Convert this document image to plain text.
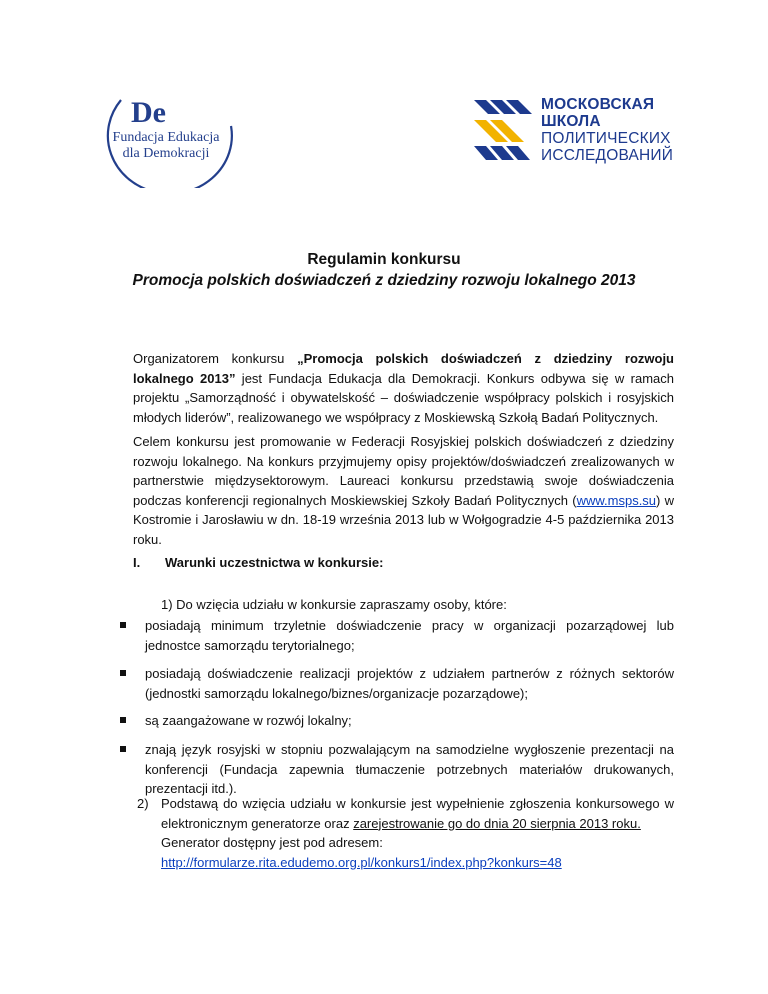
De
Fundacja Edukacja
dla Demokracji
МОСКОВСКАЯ
ШКОЛА
ПОЛИТИЧЕСКИХ
ИССЛЕДОВАНИЙ
Regulamin konkursu
Promocja polskich doświadczeń z dziedziny rozwoju lokalnego 2013
Organizatorem konkursu „Promocja polskich doświadczeń z dziedziny rozwoju lokalnego 2013” jest Fundacja Edukacja dla Demokracji. Konkurs odbywa się w ramach projektu „Samorządność i obywatelskość – doświadczenie współpracy polskich i rosyjskich młodych liderów”, realizowanego we współpracy z Moskiewską Szkołą Badań Politycznych.
Celem konkursu jest promowanie w Federacji Rosyjskiej polskich doświadczeń z dziedziny rozwoju lokalnego. Na konkurs przyjmujemy opisy projektów/doświadczeń zrealizowanych w partnerstwie międzysektorowym. Laureaci konkursu przedstawią swoje doświadczenia podczas konferencji regionalnych Moskiewskiej Szkoły Badań Politycznych (www.msps.su) w Kostromie i Jarosławiu w dn. 18-19 września 2013 lub w Wołgogradzie 4-5 października 2013 roku.
I. Warunki uczestnictwa w konkursie:
1) Do wzięcia udziału w konkursie zapraszamy osoby, które:
posiadają minimum trzyletnie doświadczenie pracy w organizacji pozarządowej lub jednostce samorządu terytorialnego;
posiadają doświadczenie realizacji projektów z udziałem partnerów z różnych sektorów (jednostki samorządu lokalnego/biznes/organizacje pozarządowe);
są zaangażowane w rozwój lokalny;
znają język rosyjski w stopniu pozwalającym na samodzielne wygłoszenie prezentacji na konferencji (Fundacja zapewnia tłumaczenie potrzebnych materiałów drukowanych, prezentacji itd.).
2) Podstawą do wzięcia udziału w konkursie jest wypełnienie zgłoszenia konkursowego w elektronicznym generatorze oraz zarejestrowanie go do dnia 20 sierpnia 2013 roku.
Generator dostępny jest pod adresem:
http://formularze.rita.edudemo.org.pl/konkurs1/index.php?konkurs=48
